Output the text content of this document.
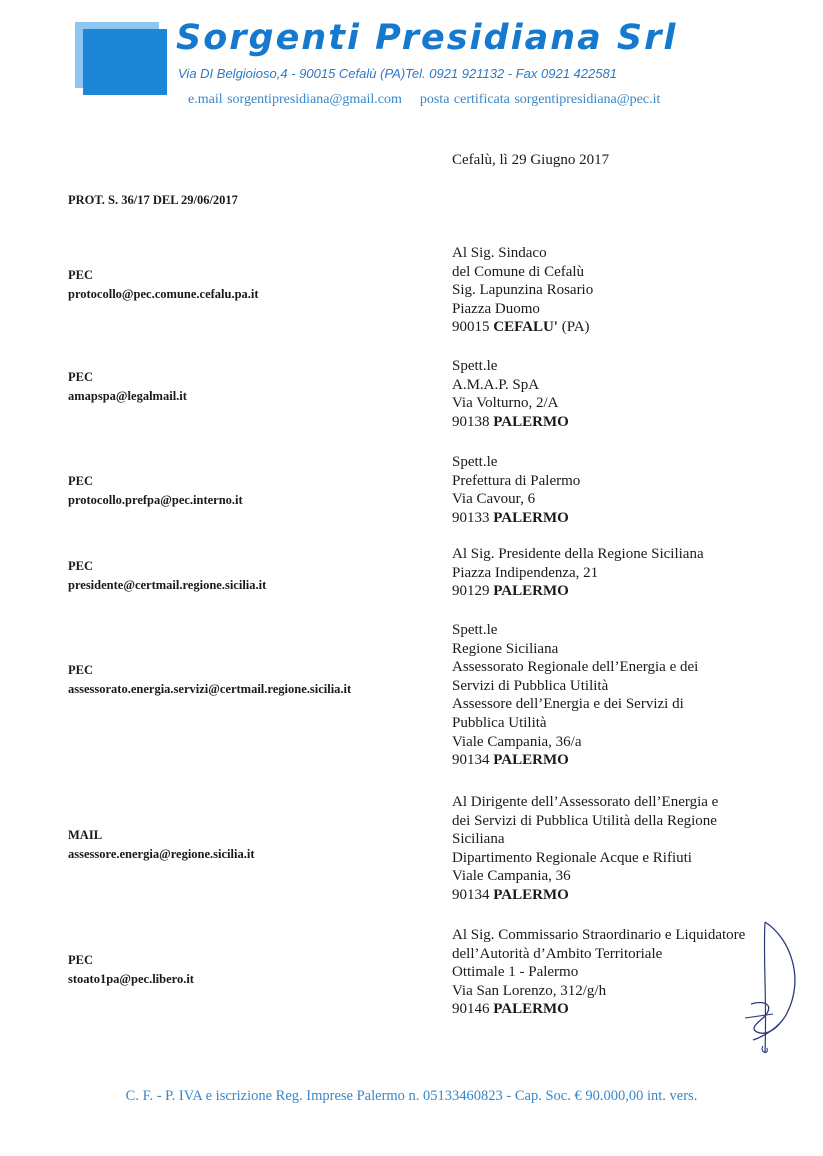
Sorgenti Presidiana Srl
Via DI Belgioioso,4 - 90015 Cefalù (PA)Tel. 0921 921132 - Fax 0921 422581
e.mail sorgentipresidiana@gmail.com posta certificata sorgentipresidiana@pec.it
Cefalù, lì 29 Giugno 2017
PROT. S. 36/17 DEL 29/06/2017
PEC
protocollo@pec.comune.cefalu.pa.it
Al Sig. Sindaco
del Comune di Cefalù
Sig. Lapunzina Rosario
Piazza Duomo
90015 CEFALU' (PA)
PEC
amapspa@legalmail.it
Spett.le
A.M.A.P. SpA
Via Volturno, 2/A
90138 PALERMO
PEC
protocollo.prefpa@pec.interno.it
Spett.le
Prefettura di Palermo
Via Cavour, 6
90133 PALERMO
PEC
presidente@certmail.regione.sicilia.it
Al Sig. Presidente della Regione Siciliana
Piazza Indipendenza, 21
90129 PALERMO
PEC
assessorato.energia.servizi@certmail.regione.sicilia.it
Spett.le
Regione Siciliana
Assessorato Regionale dell’Energia e dei
Servizi di Pubblica Utilità
Assessore dell’Energia e dei Servizi di
Pubblica Utilità
Viale Campania, 36/a
90134 PALERMO
MAIL
assessore.energia@regione.sicilia.it
Al Dirigente dell’Assessorato dell’Energia e
dei Servizi di Pubblica Utilità della Regione
Siciliana
Dipartimento Regionale Acque e Rifiuti
Viale Campania, 36
90134 PALERMO
PEC
stoato1pa@pec.libero.it
Al Sig. Commissario Straordinario e Liquidatore
dell’Autorità d’Ambito Territoriale
Ottimale 1 - Palermo
Via San Lorenzo, 312/g/h
90146 PALERMO
C. F. - P. IVA e iscrizione Reg. Imprese Palermo n. 05133460823 - Cap. Soc. € 90.000,00 int. vers.
